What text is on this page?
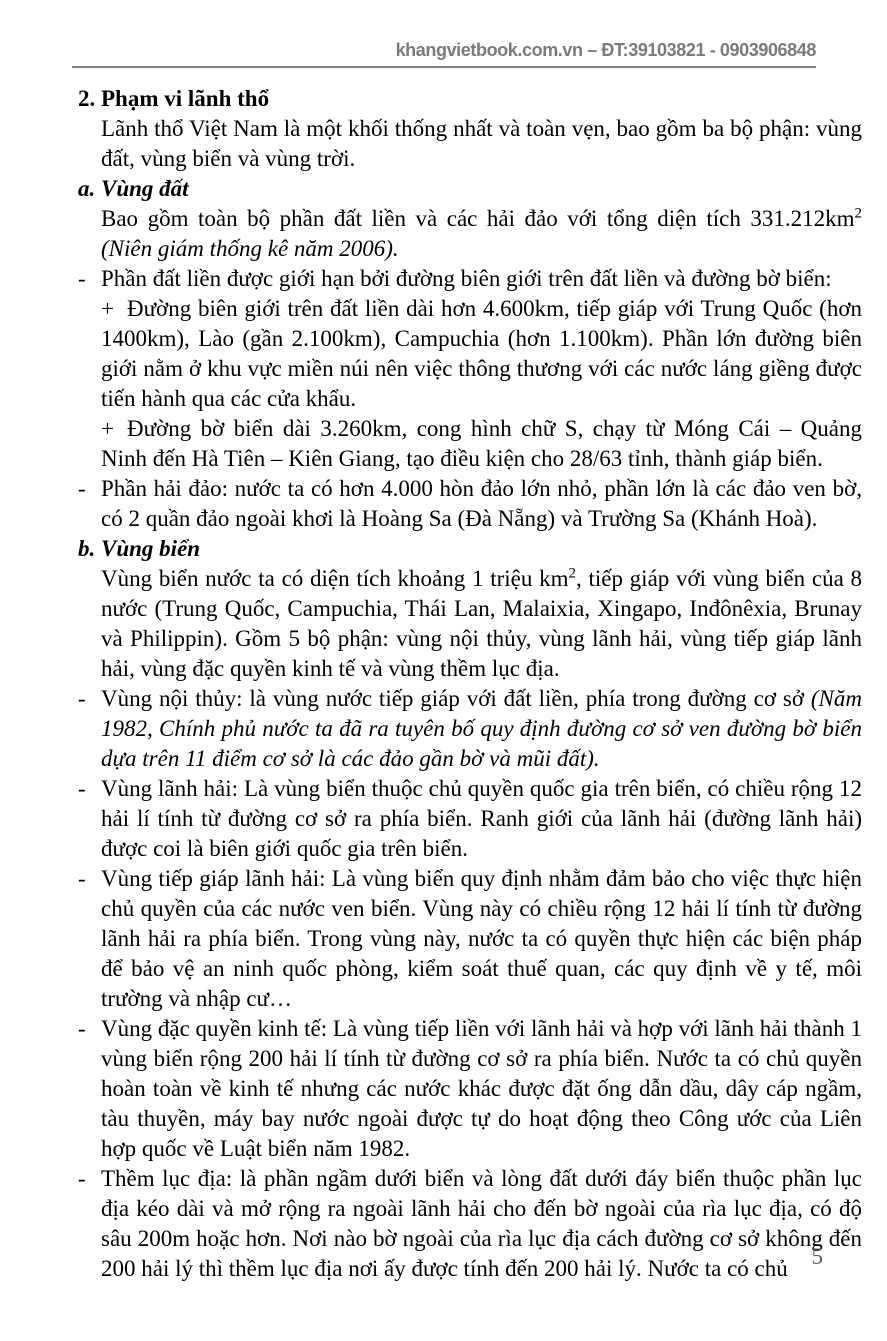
khangvietbook.com.vn – ĐT:39103821 - 0903906848
2. Phạm vi lãnh thổ
Lãnh thổ Việt Nam là một khối thống nhất và toàn vẹn, bao gồm ba bộ phận: vùng đất, vùng biển và vùng trời.
a. Vùng đất
Bao gồm toàn bộ phần đất liền và các hải đảo với tổng diện tích $331.212km^2$ (Niên giám thống kê năm 2006).
- Phần đất liền được giới hạn bởi đường biên giới trên đất liền và đường bờ biển:
+ Đường biên giới trên đất liền dài hơn 4.600km, tiếp giáp với Trung Quốc (hơn 1400km), Lào (gần 2.100km), Campuchia (hơn 1.100km). Phần lớn đường biên giới nằm ở khu vực miền núi nên việc thông thương với các nước láng giềng được tiến hành qua các cửa khẩu.
+ Đường bờ biển dài 3.260km, cong hình chữ S, chạy từ Móng Cái – Quảng Ninh đến Hà Tiên – Kiên Giang, tạo điều kiện cho 28/63 tỉnh, thành giáp biển.
- Phần hải đảo: nước ta có hơn 4.000 hòn đảo lớn nhỏ, phần lớn là các đảo ven bờ, có 2 quần đảo ngoài khơi là Hoàng Sa (Đà Nẵng) và Trường Sa (Khánh Hoà).
b. Vùng biển
Vùng biển nước ta có diện tích khoảng 1 triệu $km^2$, tiếp giáp với vùng biển của 8 nước (Trung Quốc, Campuchia, Thái Lan, Malaixia, Xingapo, Inđônêxia, Brunay và Philippin). Gồm 5 bộ phận: vùng nội thủy, vùng lãnh hải, vùng tiếp giáp lãnh hải, vùng đặc quyền kinh tế và vùng thềm lục địa.
- Vùng nội thủy: là vùng nước tiếp giáp với đất liền, phía trong đường cơ sở (Năm 1982, Chính phủ nước ta đã ra tuyên bố quy định đường cơ sở ven đường bờ biển dựa trên 11 điểm cơ sở là các đảo gần bờ và mũi đất).
- Vùng lãnh hải: Là vùng biển thuộc chủ quyền quốc gia trên biển, có chiều rộng 12 hải lí tính từ đường cơ sở ra phía biển. Ranh giới của lãnh hải (đường lãnh hải) được coi là biên giới quốc gia trên biển.
- Vùng tiếp giáp lãnh hải: Là vùng biển quy định nhằm đảm bảo cho việc thực hiện chủ quyền của các nước ven biển. Vùng này có chiều rộng 12 hải lí tính từ đường lãnh hải ra phía biển. Trong vùng này, nước ta có quyền thực hiện các biện pháp để bảo vệ an ninh quốc phòng, kiểm soát thuế quan, các quy định về y tế, môi trường và nhập cư…
- Vùng đặc quyền kinh tế: Là vùng tiếp liền với lãnh hải và hợp với lãnh hải thành 1 vùng biển rộng 200 hải lí tính từ đường cơ sở ra phía biển. Nước ta có chủ quyền hoàn toàn về kinh tế nhưng các nước khác được đặt ống dẫn dầu, dây cáp ngầm, tàu thuyền, máy bay nước ngoài được tự do hoạt động theo Công ước của Liên hợp quốc về Luật biển năm 1982.
- Thềm lục địa: là phần ngầm dưới biển và lòng đất dưới đáy biển thuộc phần lục địa kéo dài và mở rộng ra ngoài lãnh hải cho đến bờ ngoài của rìa lục địa, có độ sâu 200m hoặc hơn. Nơi nào bờ ngoài của rìa lục địa cách đường cơ sở không đến 200 hải lý thì thềm lục địa nơi ấy được tính đến 200 hải lý. Nước ta có chủ	5
